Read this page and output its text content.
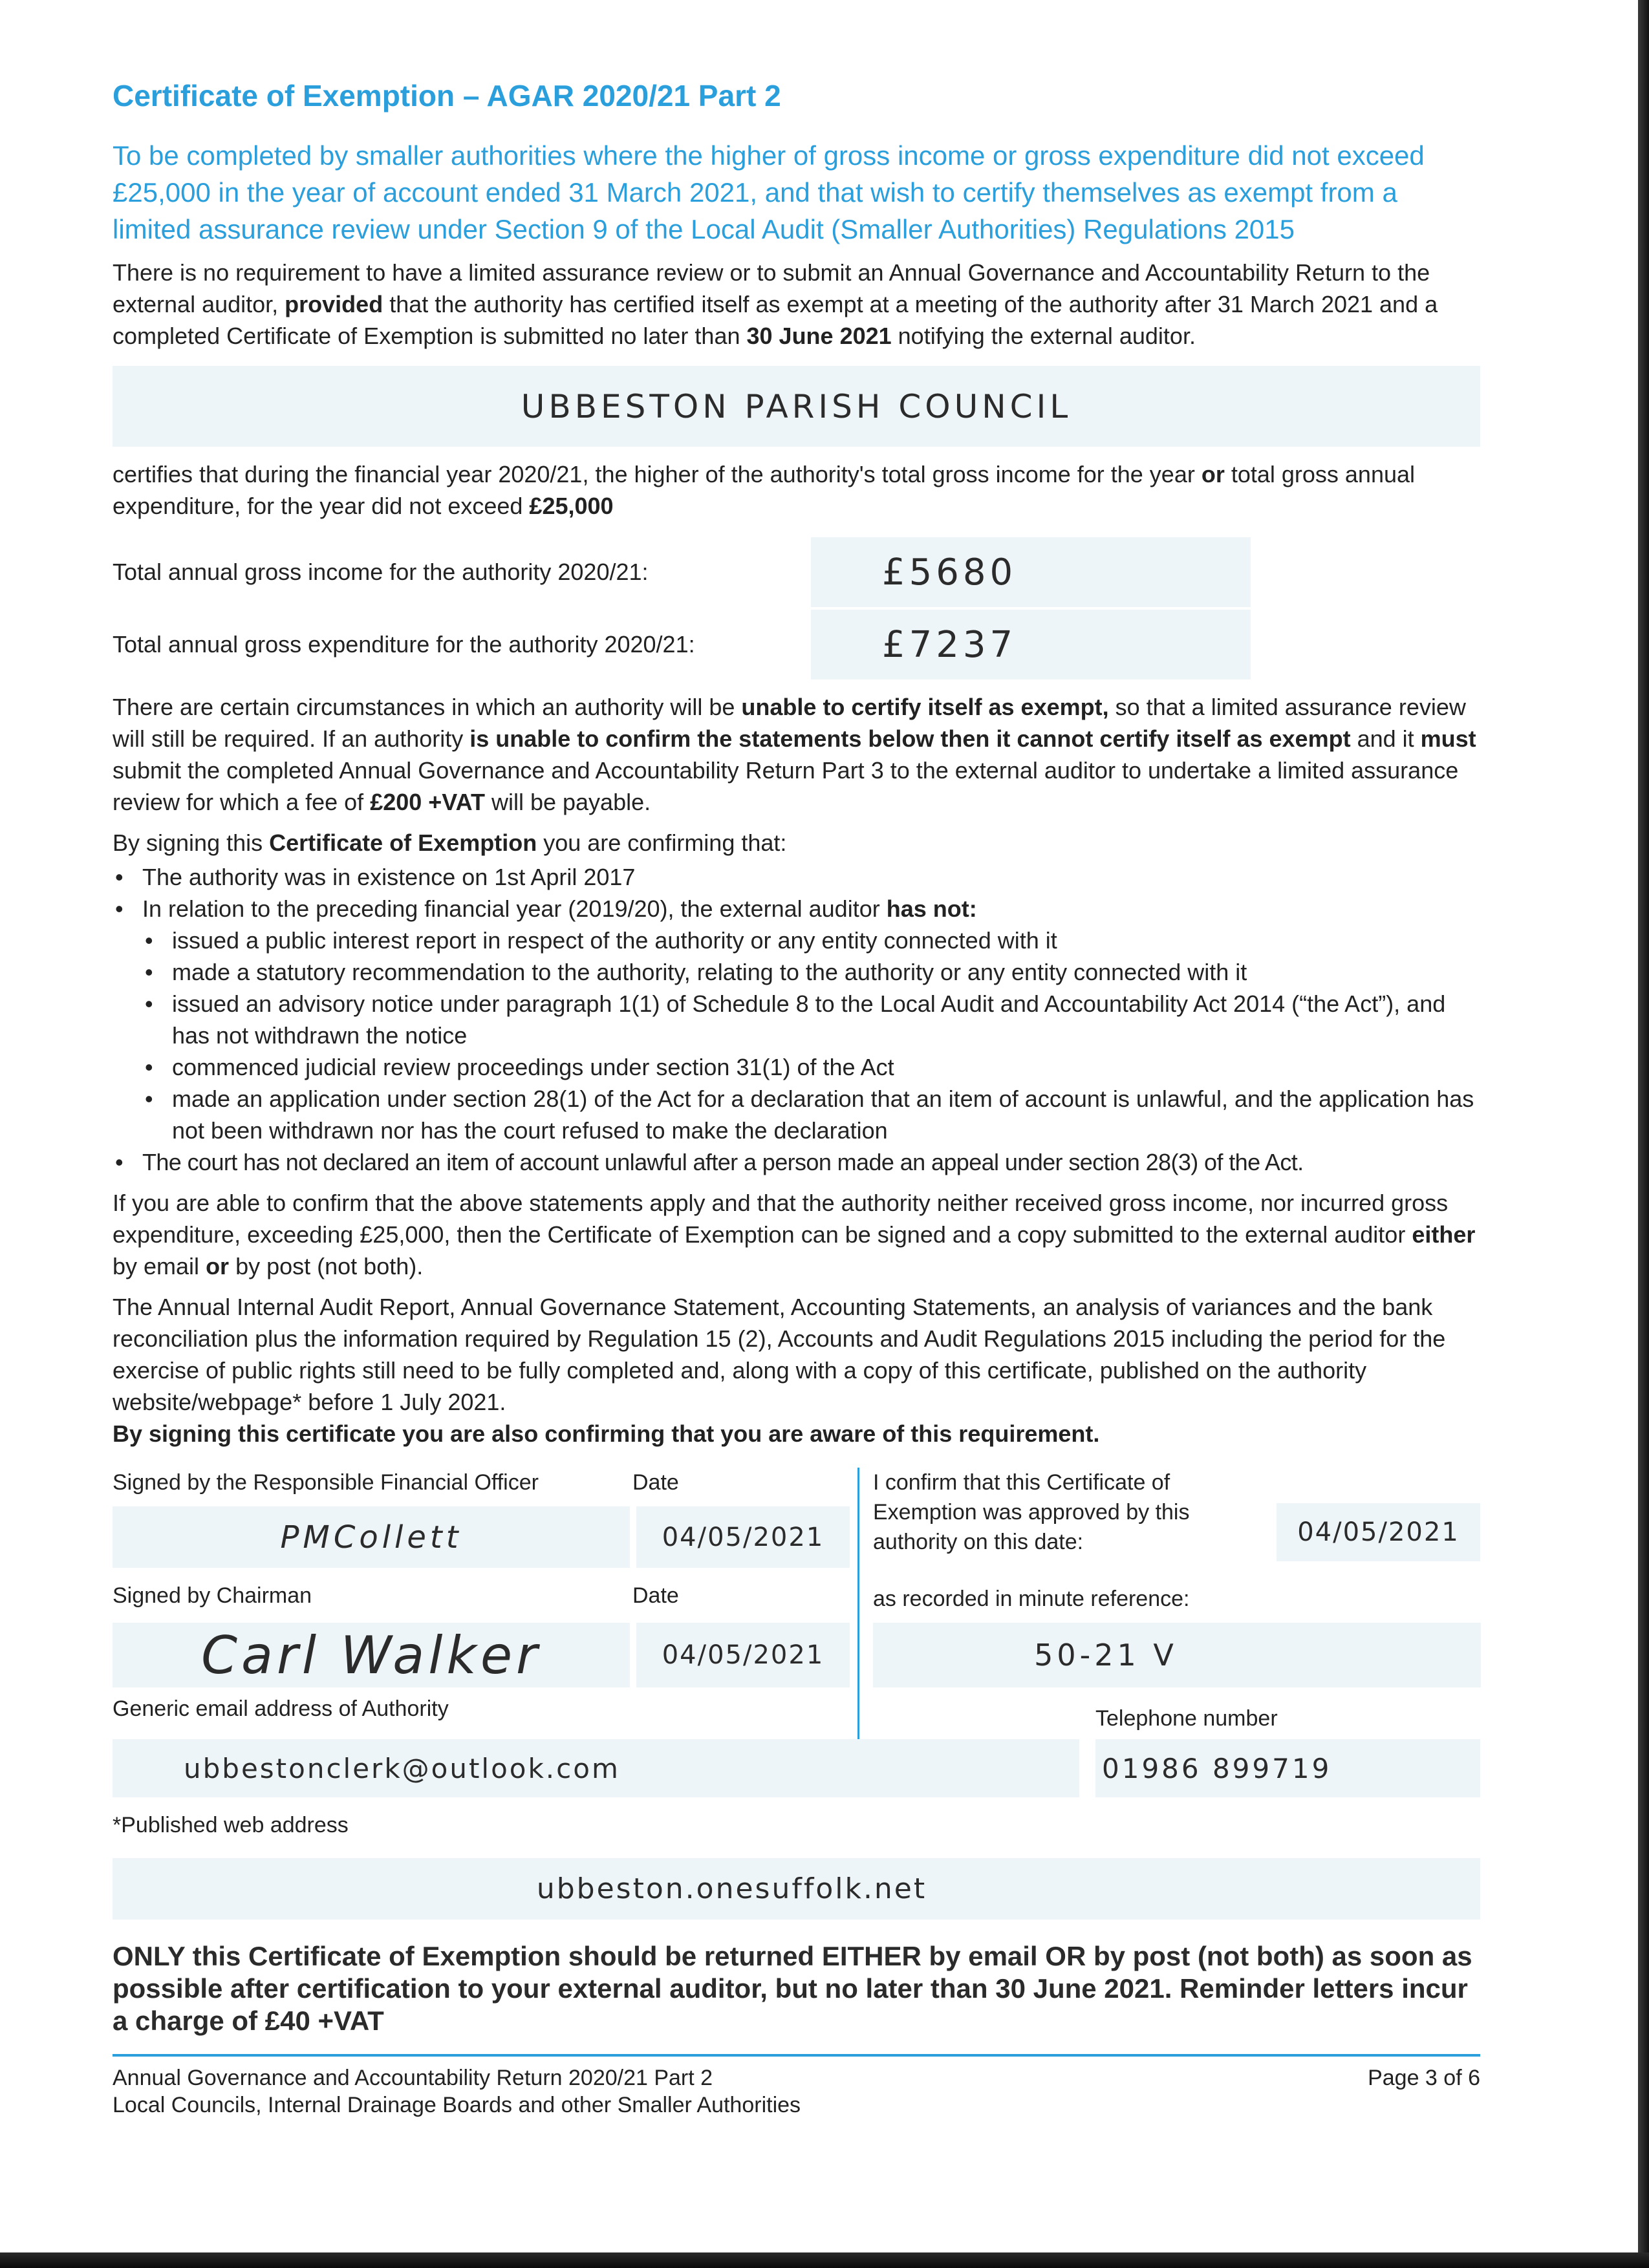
Certificate of Exemption – AGAR 2020/21 Part 2

To be completed by smaller authorities where the higher of gross income or gross expenditure did not exceed £25,000 in the year of account ended 31 March 2021, and that wish to certify themselves as exempt from a limited assurance review under Section 9 of the Local Audit (Smaller Authorities) Regulations 2015

There is no requirement to have a limited assurance review or to submit an Annual Governance and Accountability Return to the external auditor, provided that the authority has certified itself as exempt at a meeting of the authority after 31 March 2021 and a completed Certificate of Exemption is submitted no later than 30 June 2021 notifying the external auditor.

UBBESTON PARISH COUNCIL

certifies that during the financial year 2020/21, the higher of the authority's total gross income for the year or total gross annual expenditure, for the year did not exceed £25,000

Total annual gross income for the authority 2020/21:	£5680
Total annual gross expenditure for the authority 2020/21:	£7237

There are certain circumstances in which an authority will be unable to certify itself as exempt, so that a limited assurance review will still be required. If an authority is unable to confirm the statements below then it cannot certify itself as exempt and it must submit the completed Annual Governance and Accountability Return Part 3 to the external auditor to undertake a limited assurance review for which a fee of £200 +VAT will be payable.

By signing this Certificate of Exemption you are confirming that:

• The authority was in existence on 1st April 2017
• In relation to the preceding financial year (2019/20), the external auditor has not:
• issued a public interest report in respect of the authority or any entity connected with it
• made a statutory recommendation to the authority, relating to the authority or any entity connected with it
• issued an advisory notice under paragraph 1(1) of Schedule 8 to the Local Audit and Accountability Act 2014 (“the Act”), and has not withdrawn the notice
• commenced judicial review proceedings under section 31(1) of the Act
• made an application under section 28(1) of the Act for a declaration that an item of account is unlawful, and the application has not been withdrawn nor has the court refused to make the declaration
• The court has not declared an item of account unlawful after a person made an appeal under section 28(3) of the Act.

If you are able to confirm that the above statements apply and that the authority neither received gross income, nor incurred gross expenditure, exceeding £25,000, then the Certificate of Exemption can be signed and a copy submitted to the external auditor either by email or by post (not both).

The Annual Internal Audit Report, Annual Governance Statement, Accounting Statements, an analysis of variances and the bank reconciliation plus the information required by Regulation 15 (2), Accounts and Audit Regulations 2015 including the period for the exercise of public rights still need to be fully completed and, along with a copy of this certificate, published on the authority website/webpage* before 1 July 2021.

By signing this certificate you are also confirming that you are aware of this requirement.

Signed by the Responsible Financial Officer
PMCollett
Date
04/05/2021
Signed by Chairman
Carl Walker
Date
04/05/2021
I confirm that this Certificate of Exemption was approved by this authority on this date:	04/05/2021
as recorded in minute reference:
50-21 V
Generic email address of Authority	Telephone number
ubbestonclerk@outlook.com	01986 899719
*Published web address
ubbeston.onesuffolk.net

ONLY this Certificate of Exemption should be returned EITHER by email OR by post (not both) as soon as possible after certification to your external auditor, but no later than 30 June 2021. Reminder letters incur a charge of £40 +VAT

Annual Governance and Accountability Return 2020/21 Part 2
Local Councils, Internal Drainage Boards and other Smaller Authorities
Page 3 of 6
